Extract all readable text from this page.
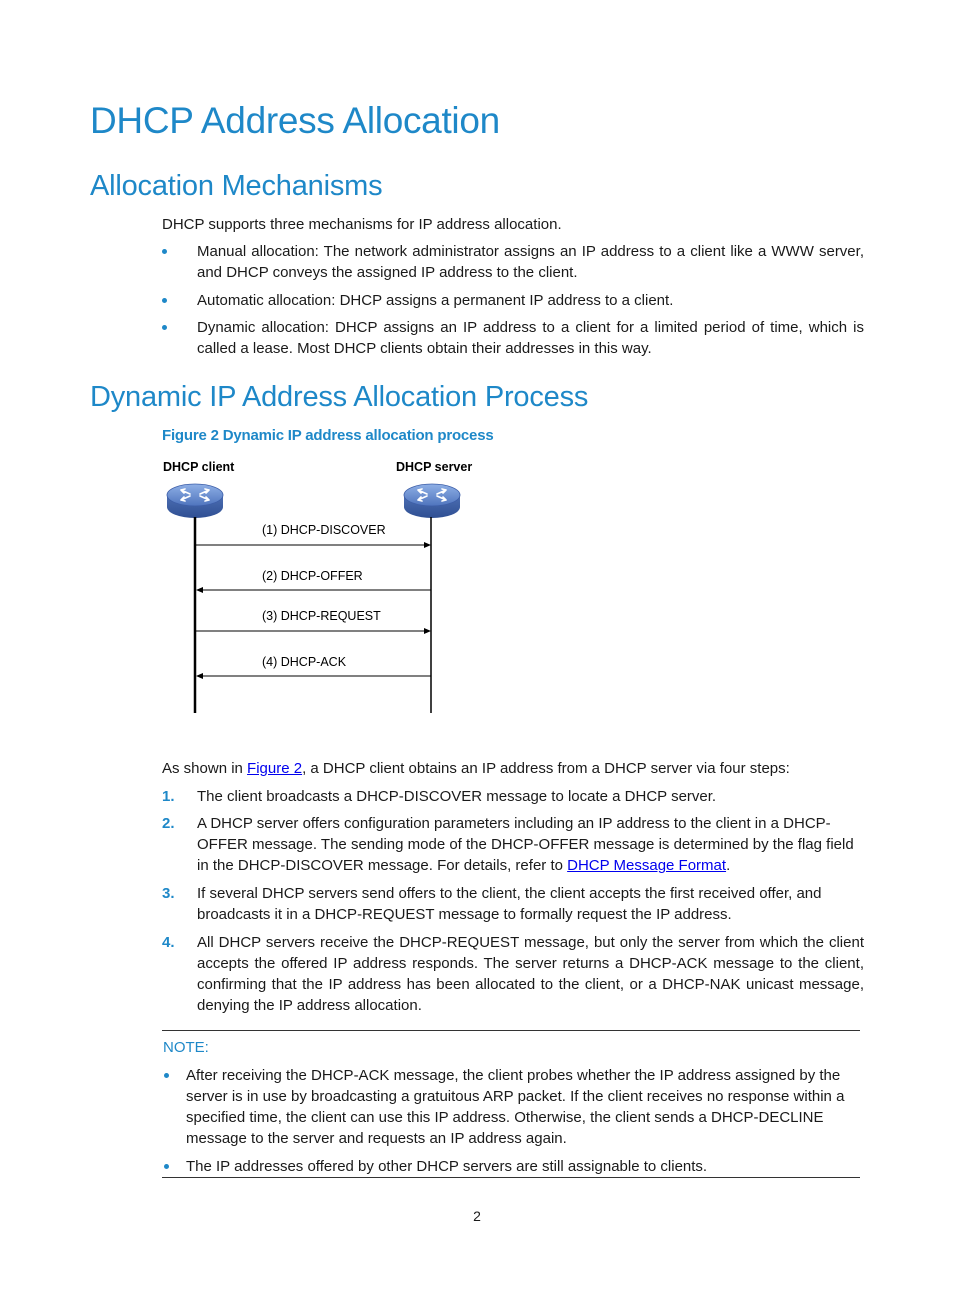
DHCP Address Allocation
Allocation Mechanisms

DHCP supports three mechanisms for IP address allocation.

Manual allocation: The network administrator assigns an IP address to a client like a WWW server, and DHCP conveys the assigned IP address to the client.
Automatic allocation: DHCP assigns a permanent IP address to a client.
Dynamic allocation: DHCP assigns an IP address to a client for a limited period of time, which is called a lease. Most DHCP clients obtain their addresses in this way.
Dynamic IP Address Allocation Process
Figure 2 Dynamic IP address allocation process
DHCP client	DHCP server
(1) DHCP-DISCOVER
(2) DHCP-OFFER
(3) DHCP-REQUEST
(4) DHCP-ACK

As shown in Figure 2, a DHCP client obtains an IP address from a DHCP server via four steps:

1.	The client broadcasts a DHCP-DISCOVER message to locate a DHCP server.
2.	A DHCP server offers configuration parameters including an IP address to the client in a DHCP-OFFER message. The sending mode of the DHCP-OFFER message is determined by the flag field in the DHCP-DISCOVER message. For details, refer to DHCP Message Format.
3.	If several DHCP servers send offers to the client, the client accepts the first received offer, and broadcasts it in a DHCP-REQUEST message to formally request the IP address.
4.	All DHCP servers receive the DHCP-REQUEST message, but only the server from which the client accepts the offered IP address responds. The server returns a DHCP-ACK message to the client, confirming that the IP address has been allocated to the client, or a DHCP-NAK unicast message, denying the IP address allocation.
NOTE:
After receiving the DHCP-ACK message, the client probes whether the IP address assigned by the server is in use by broadcasting a gratuitous ARP packet. If the client receives no response within a specified time, the client can use this IP address. Otherwise, the client sends a DHCP-DECLINE message to the server and requests an IP address again.
The IP addresses offered by other DHCP servers are still assignable to clients.
2
